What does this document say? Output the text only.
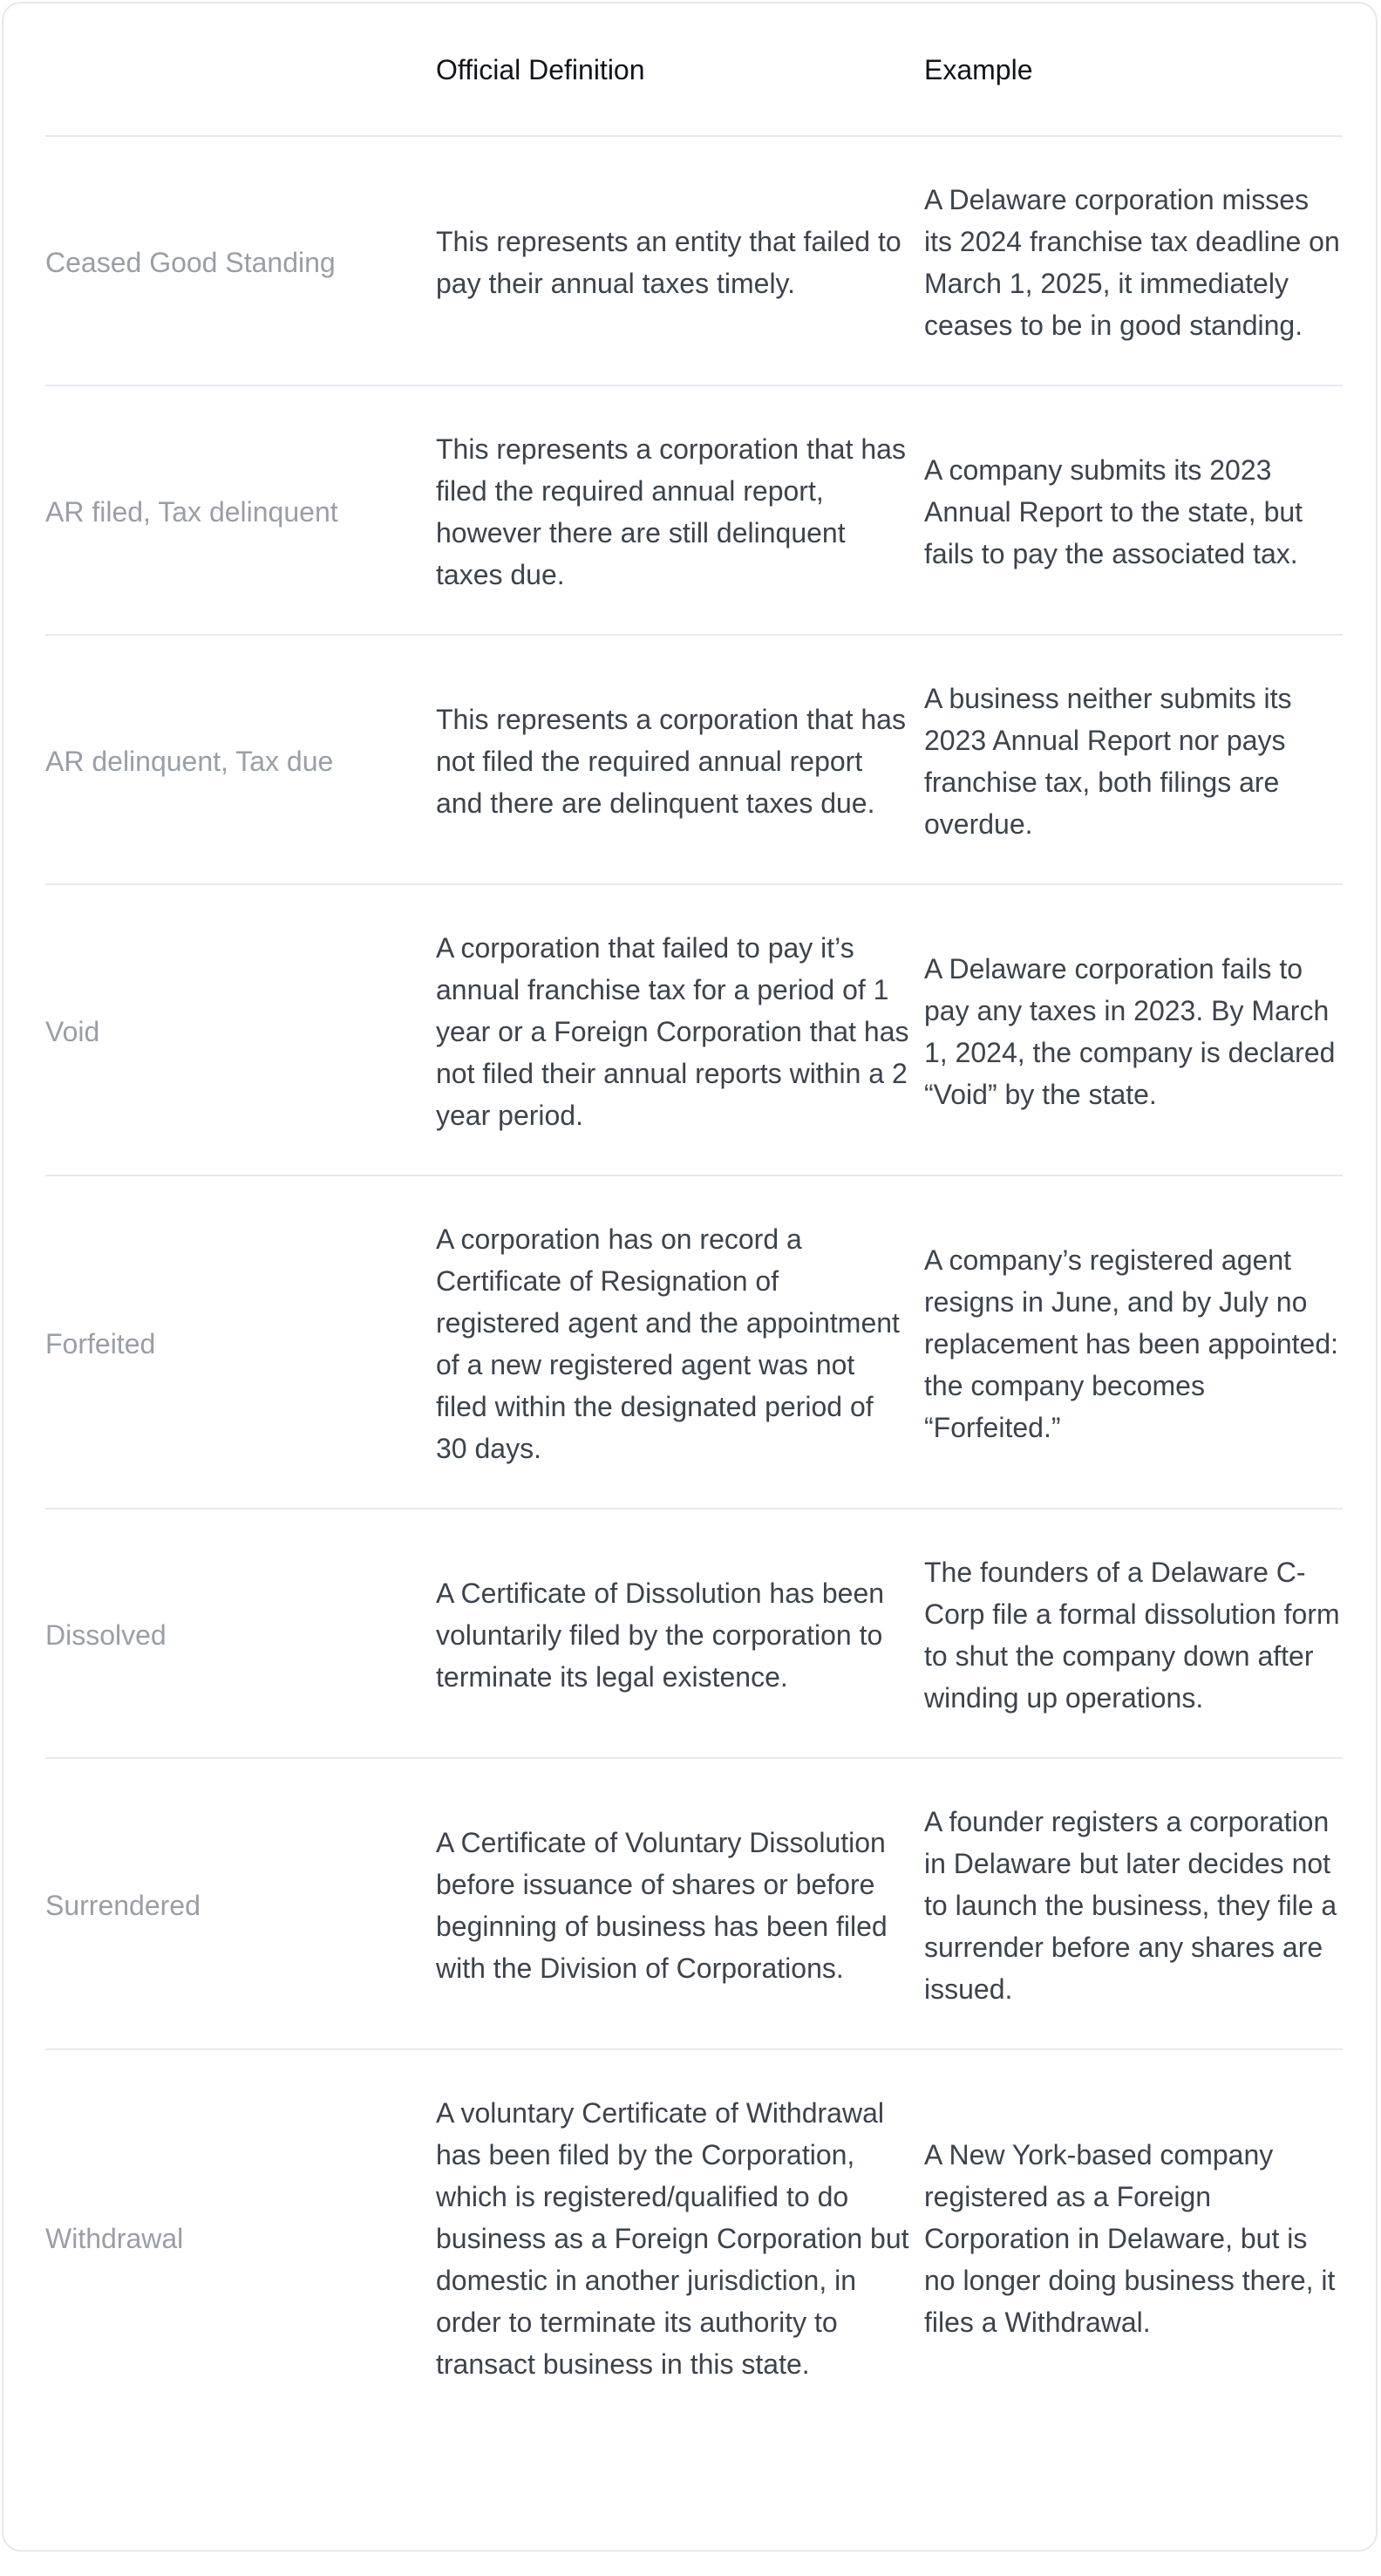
Official Definition	Example
Ceased Good Standing
This represents an entity that failed to pay their annual taxes timely.
A Delaware corporation misses its 2024 franchise tax deadline on March 1, 2025, it immediately ceases to be in good standing.
AR filed, Tax delinquent
This represents a corporation that has filed the required annual report, however there are still delinquent taxes due.
A company submits its 2023 Annual Report to the state, but fails to pay the associated tax.
AR delinquent, Tax due
This represents a corporation that has not filed the required annual report and there are delinquent taxes due.
A business neither submits its 2023 Annual Report nor pays franchise tax, both filings are overdue.
Void
A corporation that failed to pay it’s annual franchise tax for a period of 1 year or a Foreign Corporation that has not filed their annual reports within a 2 year period.
A Delaware corporation fails to pay any taxes in 2023. By March 1, 2024, the company is declared “Void” by the state.
Forfeited
A corporation has on record a Certificate of Resignation of registered agent and the appointment of a new registered agent was not filed within the designated period of 30 days.
A company’s registered agent resigns in June, and by July no replacement has been appointed: the company becomes “Forfeited.”
Dissolved
A Certificate of Dissolution has been voluntarily filed by the corporation to terminate its legal existence.
The founders of a Delaware C-Corp file a formal dissolution form to shut the company down after winding up operations.
Surrendered
A Certificate of Voluntary Dissolution before issuance of shares or before beginning of business has been filed with the Division of Corporations.
A founder registers a corporation in Delaware but later decides not to launch the business, they file a surrender before any shares are issued.
Withdrawal
A voluntary Certificate of Withdrawal has been filed by the Corporation, which is registered/qualified to do business as a Foreign Corporation but domestic in another jurisdiction, in order to terminate its authority to transact business in this state.
A New York-based company registered as a Foreign Corporation in Delaware, but is no longer doing business there, it files a Withdrawal.
